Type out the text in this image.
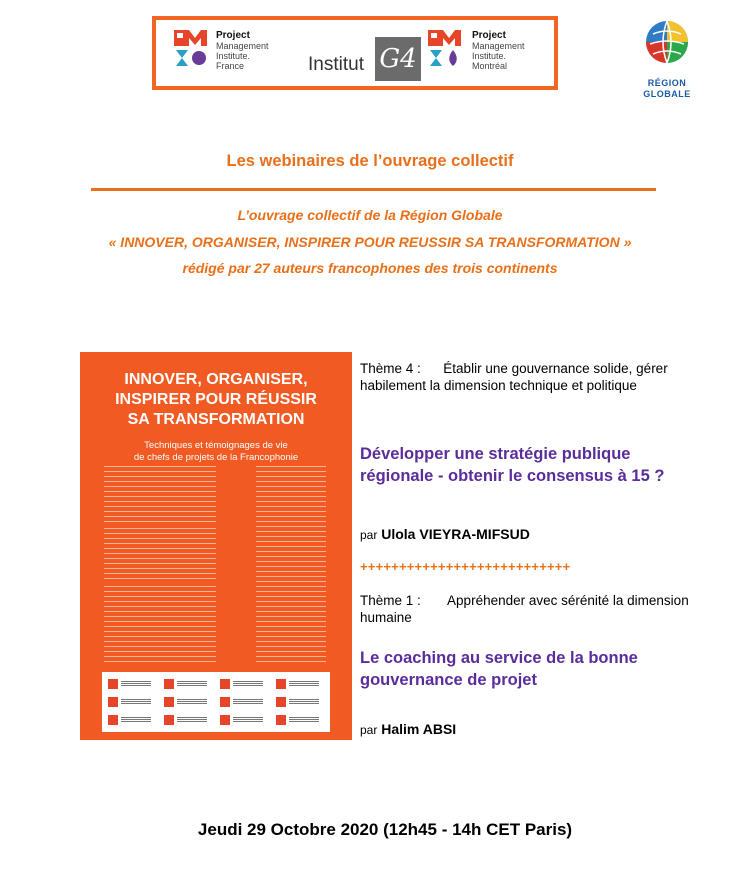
Project
Management
Institute.
France	Institut G4
Project
Management
Institute.
Montréal
RÉGION
GLOBALE
Les webinaires de l’ouvrage collectif
L’ouvrage collectif de la Région Globale
« INNOVER, ORGANISER, INSPIRER POUR REUSSIR SA TRANSFORMATION »
rédigé par 27 auteurs francophones des trois continents
INNOVER, ORGANISER,
INSPIRER POUR RÉUSSIR
SA TRANSFORMATION
Techniques et témoignages de vie
de chefs de projets de la Francophonie
Thème 4 : Établir une gouvernance solide, gérer habilement la dimension technique et politique
Développer une stratégie publique régionale - obtenir le consensus à 15 ?
par Ulola VIEYRA-MIFSUD
+++++++++++++++++++++++++++
Thème 1 : Appréhender avec sérénité la dimension humaine
Le coaching au service de la bonne gouvernance de projet
par Halim ABSI
Jeudi 29 Octobre 2020 (12h45 - 14h CET Paris)
